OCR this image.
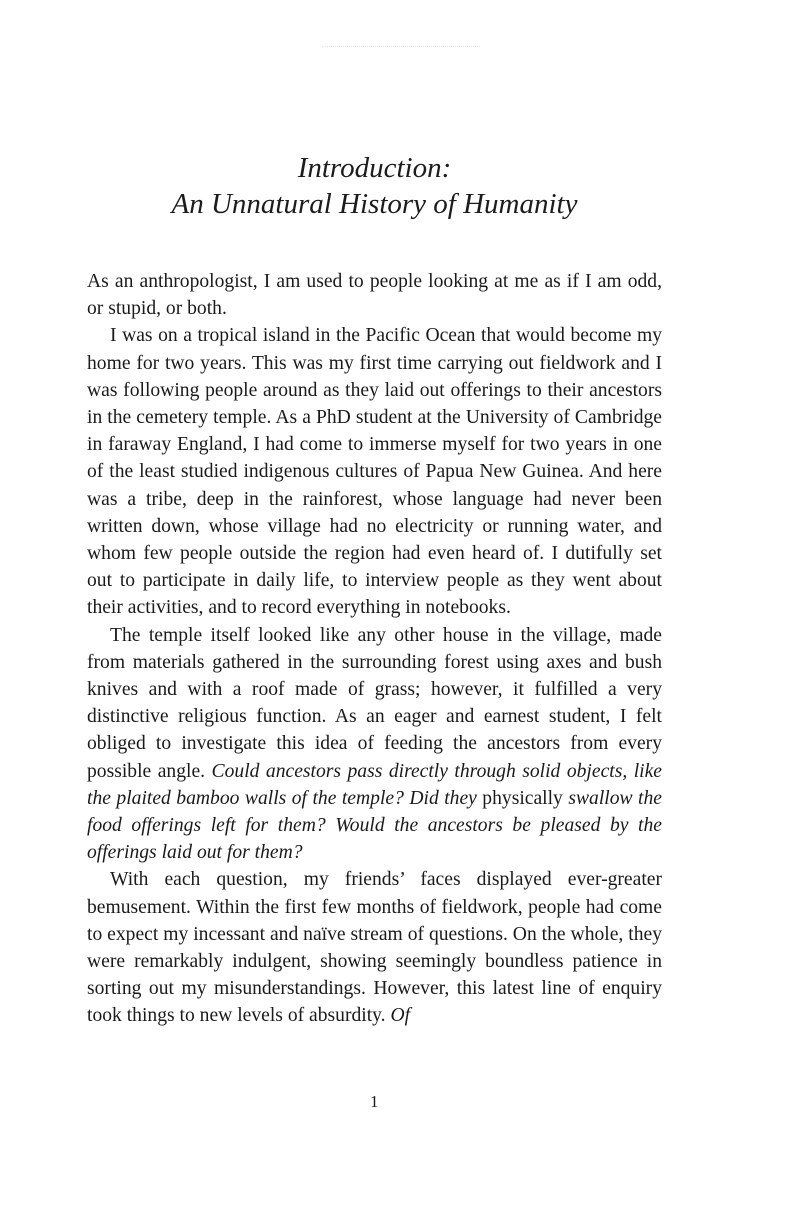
Introduction:
An Unnatural History of Humanity

As an anthropologist, I am used to people looking at me as if I am odd, or stupid, or both.

I was on a tropical island in the Pacific Ocean that would become my home for two years. This was my first time carrying out fieldwork and I was following people around as they laid out offerings to their ancestors in the cemetery temple. As a PhD student at the University of Cambridge in faraway England, I had come to immerse myself for two years in one of the least studied indigenous cultures of Papua New Guinea. And here was a tribe, deep in the rainforest, whose language had never been written down, whose village had no electricity or running water, and whom few people outside the region had even heard of. I dutifully set out to participate in daily life, to interview people as they went about their activities, and to record everything in notebooks.

The temple itself looked like any other house in the village, made from materials gathered in the surrounding forest using axes and bush knives and with a roof made of grass; however, it fulfilled a very distinctive religious function. As an eager and earnest student, I felt obliged to investigate this idea of feeding the ancestors from every possible angle. Could ancestors pass directly through solid objects, like the plaited bamboo walls of the temple? Did they physically swallow the food offerings left for them? Would the ancestors be pleased by the offerings laid out for them?

With each question, my friends’ faces displayed ever-greater bemusement. Within the first few months of fieldwork, people had come to expect my incessant and naïve stream of questions. On the whole, they were remarkably indulgent, showing seemingly boundless patience in sorting out my misunderstandings. However, this latest line of enquiry took things to new levels of absurdity. Of

1
